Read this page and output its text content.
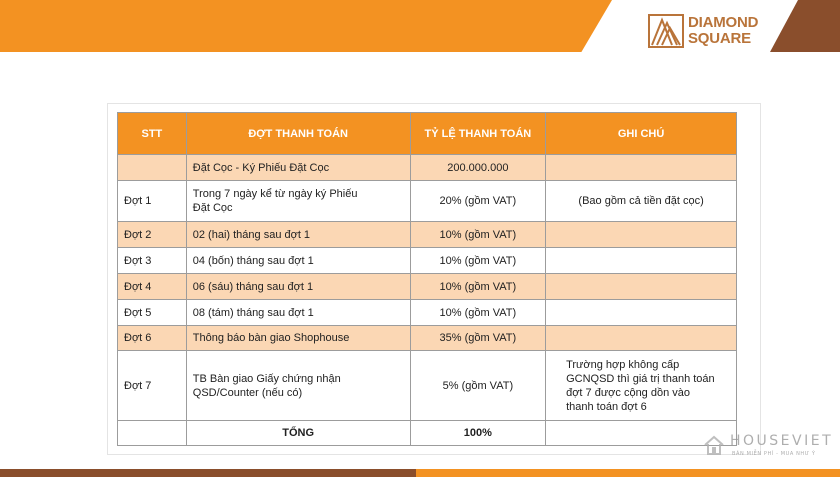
DIAMOND
SQUARE
STT	ĐỢT THANH TOÁN	TỶ LỆ THANH TOÁN	GHI CHÚ
	Đặt Cọc - Ký Phiếu Đặt Cọc	200.000.000	
Đợt 1	Trong 7 ngày kể từ ngày ký Phiếu Đặt Cọc	20% (gồm VAT)	(Bao gồm cả tiền đặt cọc)
Đợt 2	02 (hai) tháng sau đợt 1	10% (gồm VAT)	
Đợt 3	04 (bốn) tháng sau đợt 1	10% (gồm VAT)	
Đợt 4	06 (sáu) tháng sau đợt 1	10% (gồm VAT)	
Đợt 5	08 (tám) tháng sau đợt 1	10% (gồm VAT)	
Đợt 6	Thông báo bàn giao Shophouse	35% (gồm VAT)	
Đợt 7	TB Bàn giao Giấy chứng nhận QSD/Counter (nếu có)	5% (gồm VAT)	Trường hợp không cấp GCNQSD thì giá trị thanh toán đợt 7 được cộng dồn vào thanh toán đợt 6

	TỔNG	100%		HOUSEVIET
BÁN MIỄN PHÍ - MUA NHƯ Ý
